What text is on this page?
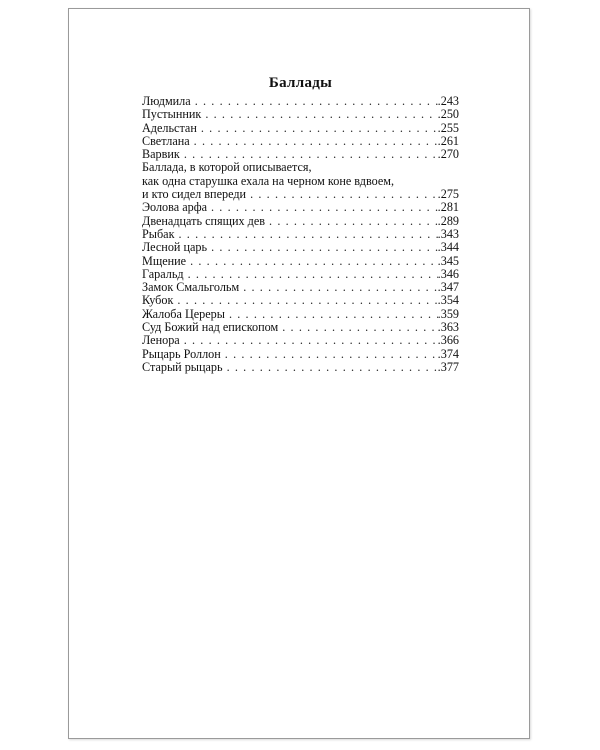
Баллады
Людмила . . .	.243
Пустынник . . .	.250
Адельстан . . .	.255
Светлана . . .	.261
Варвик . . .	.270
Баллада, в которой описывается,
как одна старушка ехала на черном коне вдвоем,
и кто сидел впереди . . .	.275
Эолова арфа . . .	.281
Двенадцать спящих дев . . .	.289
Рыбак . . .	.343
Лесной царь . . .	.344
Мщение . . .	.345
Гаральд . . .	.346
Замок Смальгольм . . .	.347
Кубок . . .	.354
Жалоба Цереры . . .	.359
Суд Божий над епископом . . .	.363
Ленора . . .	.366
Рыцарь Роллон . . .	.374
Старый рыцарь . . .	.377
